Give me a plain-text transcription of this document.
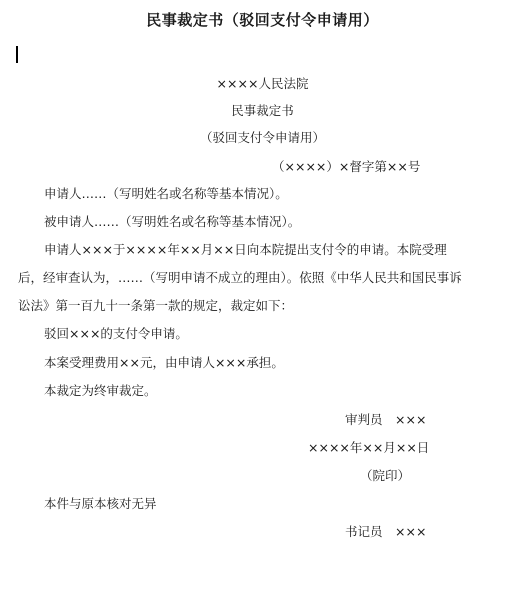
民事裁定书（驳回支付令申请用）
××××人民法院
民事裁定书
（驳回支付令申请用）
（××××）×督字第××号
申请人……（写明姓名或名称等基本情况）。
被申请人……（写明姓名或名称等基本情况）。
申请人×××于××××年××月××日向本院提出支付令的申请。本院受理
后，经审查认为，……（写明申请不成立的理由）。依照《中华人民共和国民事诉
讼法》第一百九十一条第一款的规定，裁定如下：
驳回×××的支付令申请。
本案受理费用××元，由申请人×××承担。
本裁定为终审裁定。
审判员　×××
××××年××月××日
（院印）
本件与原本核对无异
书记员　×××
